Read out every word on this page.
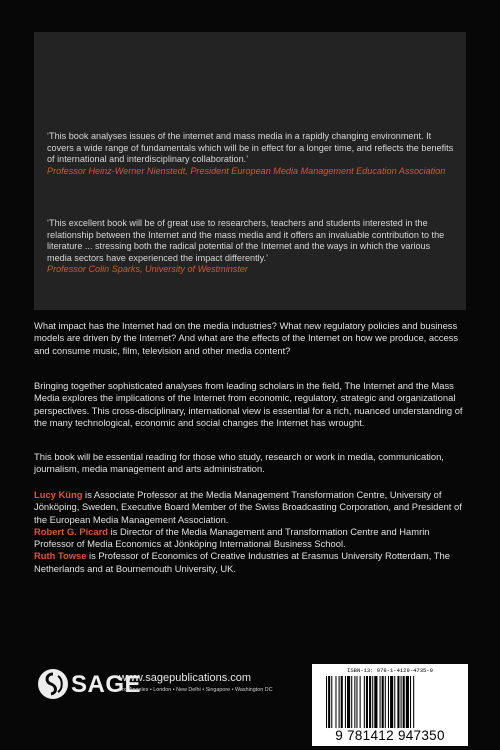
‘This book analyses issues of the internet and mass media in a rapidly changing environment. It covers a wide range of fundamentals which will be in effect for a longer time, and reflects the benefits of international and interdisciplinary collaboration.’
Professor Heinz-Werner Nienstedt, President European Media Management Education Association
‘This excellent book will be of great use to researchers, teachers and students interested in the relationship between the Internet and the mass media and it offers an invaluable contribution to the literature ... stressing both the radical potential of the Internet and the ways in which the various media sectors have experienced the impact differently.’
Professor Colin Sparks, University of Westminster
What impact has the Internet had on the media industries? What new regulatory policies and business models are driven by the Internet? And what are the effects of the Internet on how we produce, access and consume music, film, television and other media content?
Bringing together sophisticated analyses from leading scholars in the field, The Internet and the Mass Media explores the implications of the Internet from economic, regulatory, strategic and organizational perspectives. This cross-disciplinary, international view is essential for a rich, nuanced understanding of the many technological, economic and social changes the Internet has wrought.
This book will be essential reading for those who study, research or work in media, communication, journalism, media management and arts administration.
Lucy Küng is Associate Professor at the Media Management Transformation Centre, University of Jönköping, Sweden, Executive Board Member of the Swiss Broadcasting Corporation, and President of the European Media Management Association.
Robert G. Picard is Director of the Media Management and Transformation Centre and Hamrin Professor of Media Economics at Jönköping International Business School.
Ruth Towse is Professor of Economics of Creative Industries at Erasmus University Rotterdam, The Netherlands and at Bournemouth University, UK.
SAGE
www.sagepublications.com
Los Angeles • London • New Delhi • Singapore • Washington DC
ISBN-13: 978-1-4129-4735-0
9 781412 947350
